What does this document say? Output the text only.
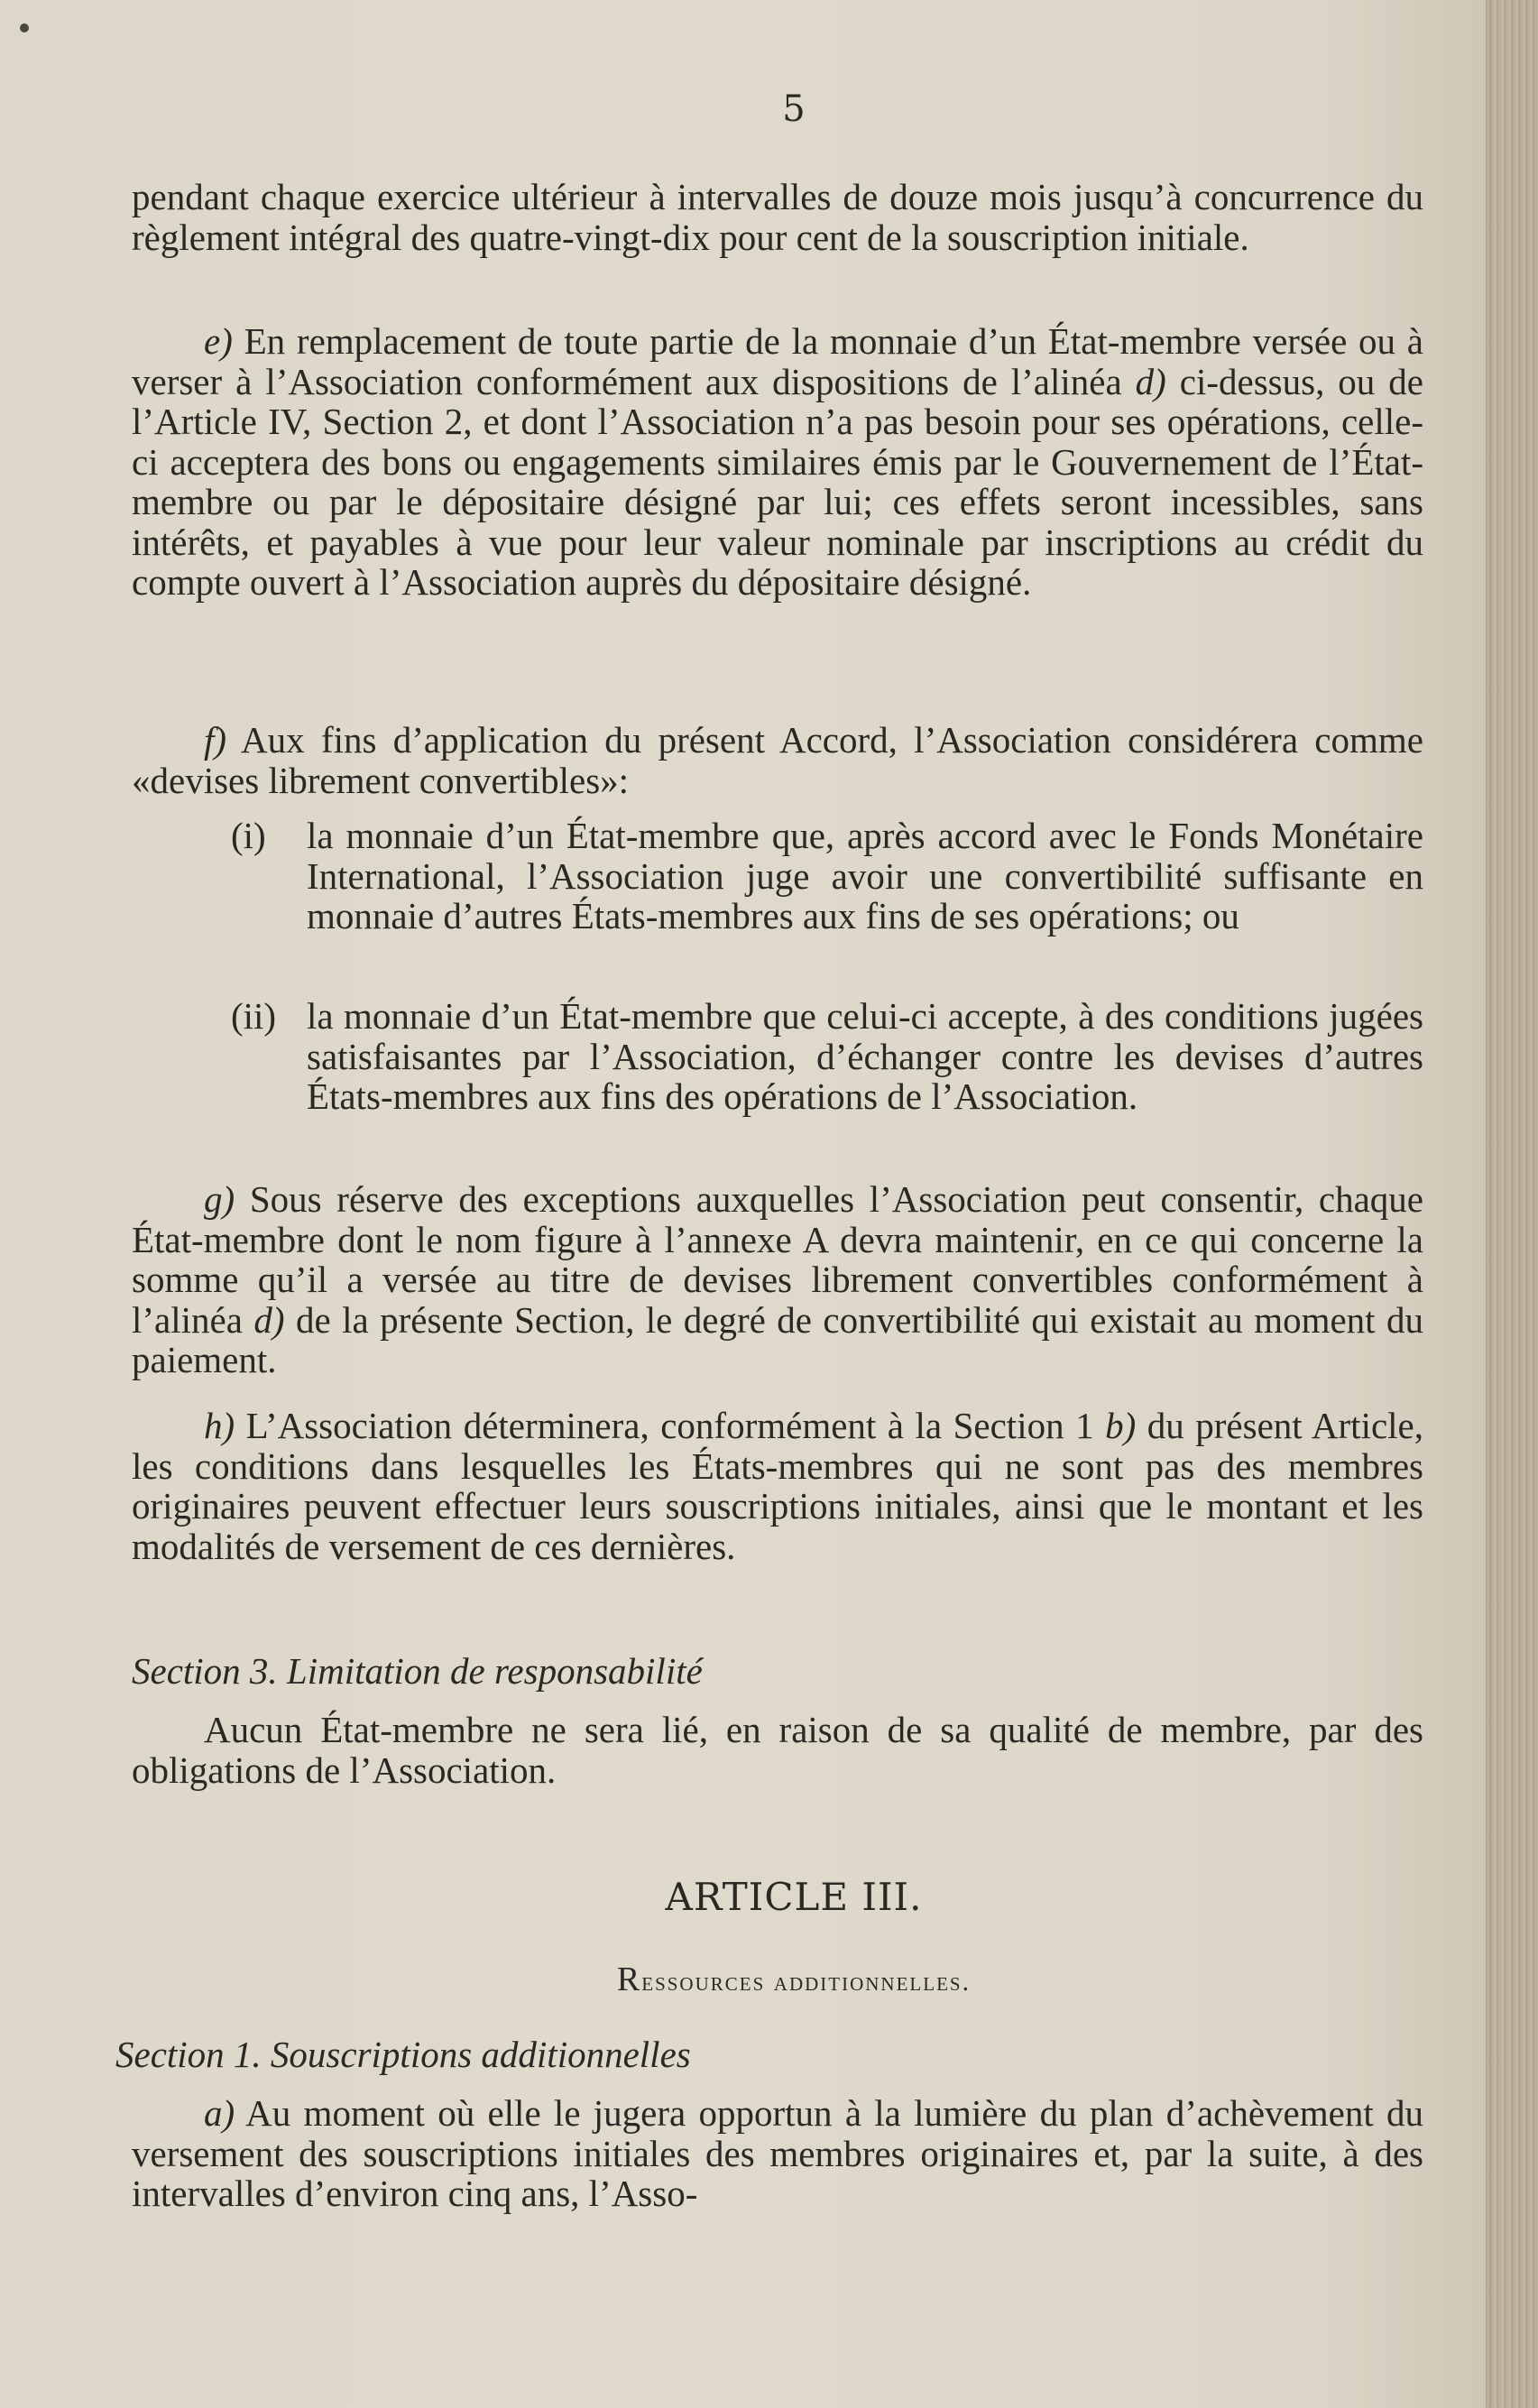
5

pendant chaque exercice ultérieur à intervalles de douze mois jusqu’à concurrence du règlement intégral des quatre-vingt-dix pour cent de la souscription initiale.

e) En remplacement de toute partie de la monnaie d’un État-membre versée ou à verser à l’Association conformément aux dispositions de l’alinéa d) ci-dessus, ou de l’Article IV, Section 2, et dont l’Association n’a pas besoin pour ses opérations, celle-ci acceptera des bons ou engagements similaires émis par le Gouvernement de l’État-membre ou par le dépositaire désigné par lui; ces effets seront incessibles, sans intérêts, et payables à vue pour leur valeur nominale par inscriptions au crédit du compte ouvert à l’Association auprès du dépositaire désigné.

f) Aux fins d’application du présent Accord, l’Association considérera comme «devises librement convertibles»:

(i) la monnaie d’un État-membre que, après accord avec le Fonds Monétaire International, l’Association juge avoir une convertibilité suffisante en monnaie d’autres États-membres aux fins de ses opérations; ou
(ii) la monnaie d’un État-membre que celui-ci accepte, à des conditions jugées satisfaisantes par l’Association, d’échanger contre les devises d’autres États-membres aux fins des opérations de l’Association.

g) Sous réserve des exceptions auxquelles l’Association peut consentir, chaque État-membre dont le nom figure à l’annexe A devra maintenir, en ce qui concerne la somme qu’il a versée au titre de devises librement convertibles conformément à l’alinéa d) de la présente Section, le degré de convertibilité qui existait au moment du paiement.

h) L’Association déterminera, conformément à la Section 1 b) du présent Article, les conditions dans lesquelles les États-membres qui ne sont pas des membres originaires peuvent effectuer leurs souscriptions initiales, ainsi que le montant et les modalités de versement de ces dernières.

Section 3. Limitation de responsabilité

Aucun État-membre ne sera lié, en raison de sa qualité de membre, par des obligations de l’Association.

ARTICLE III.
Ressources additionnelles.

Section 1. Souscriptions additionnelles

a) Au moment où elle le jugera opportun à la lumière du plan d’achèvement du versement des souscriptions initiales des membres originaires et, par la suite, à des intervalles d’environ cinq ans, l’Asso-
